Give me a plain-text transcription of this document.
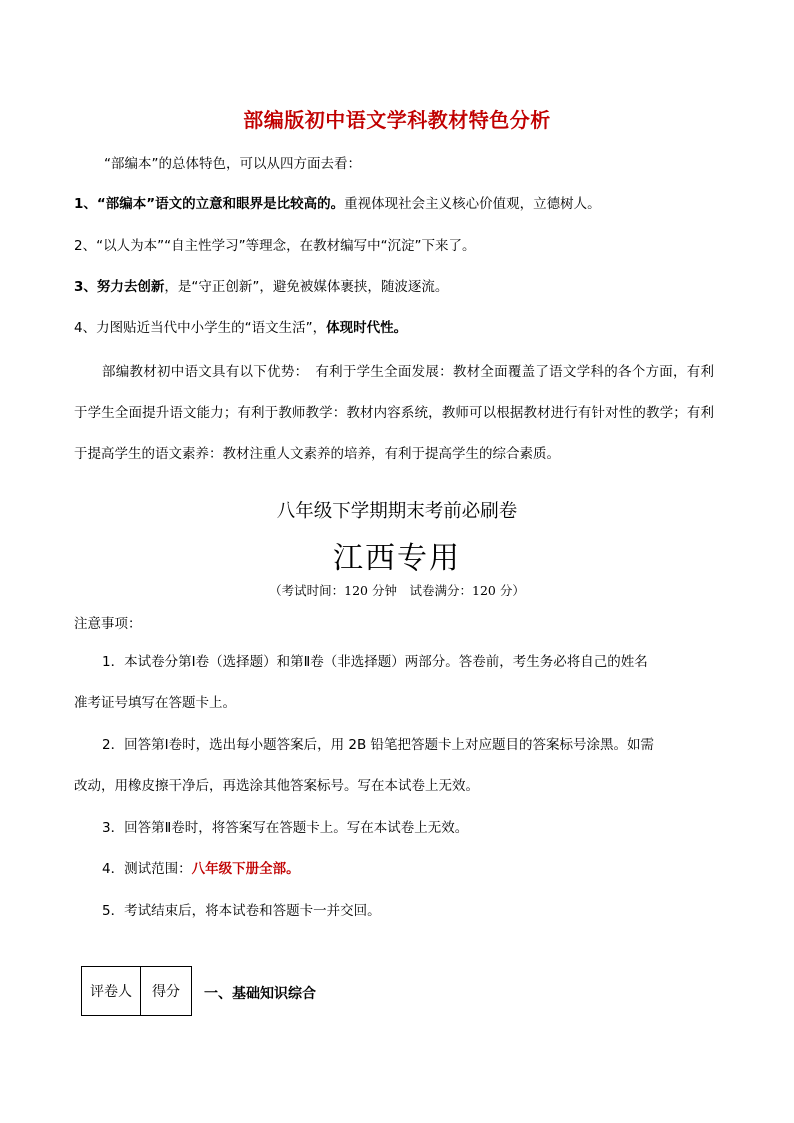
部编版初中语文学科教材特色分析
“部编本”的总体特色，可以从四方面去看：
1、“部编本”语文的立意和眼界是比较高的。重视体现社会主义核心价值观，立德树人。
2、“以人为本”“自主性学习”等理念，在教材编写中“沉淀”下来了。
3、努力去创新，是“守正创新”，避免被媒体裹挟，随波逐流。
4、力图贴近当代中小学生的“语文生活”，体现时代性。
部编教材初中语文具有以下优势：　有利于学生全面发展：教材全面覆盖了语文学科的各个方面，有利于学生全面提升语文能力；有利于教师教学：教材内容系统，教师可以根据教材进行有针对性的教学；有利于提高学生的语文素养：教材注重人文素养的培养，有利于提高学生的综合素质。
八年级下学期期末考前必刷卷
江西专用
（考试时间：120 分钟　试卷满分：120 分）
注意事项：
1．本试卷分第Ⅰ卷（选择题）和第Ⅱ卷（非选择题）两部分。答卷前，考生务必将自己的姓名
准考证号填写在答题卡上。
2．回答第Ⅰ卷时，选出每小题答案后，用 2B 铅笔把答题卡上对应题目的答案标号涂黑。如需
改动，用橡皮擦干净后，再选涂其他答案标号。写在本试卷上无效。
3．回答第Ⅱ卷时，将答案写在答题卡上。写在本试卷上无效。
4．测试范围：八年级下册全部。
5．考试结束后，将本试卷和答题卡一并交回。
评卷人	得分 一、基础知识综合
